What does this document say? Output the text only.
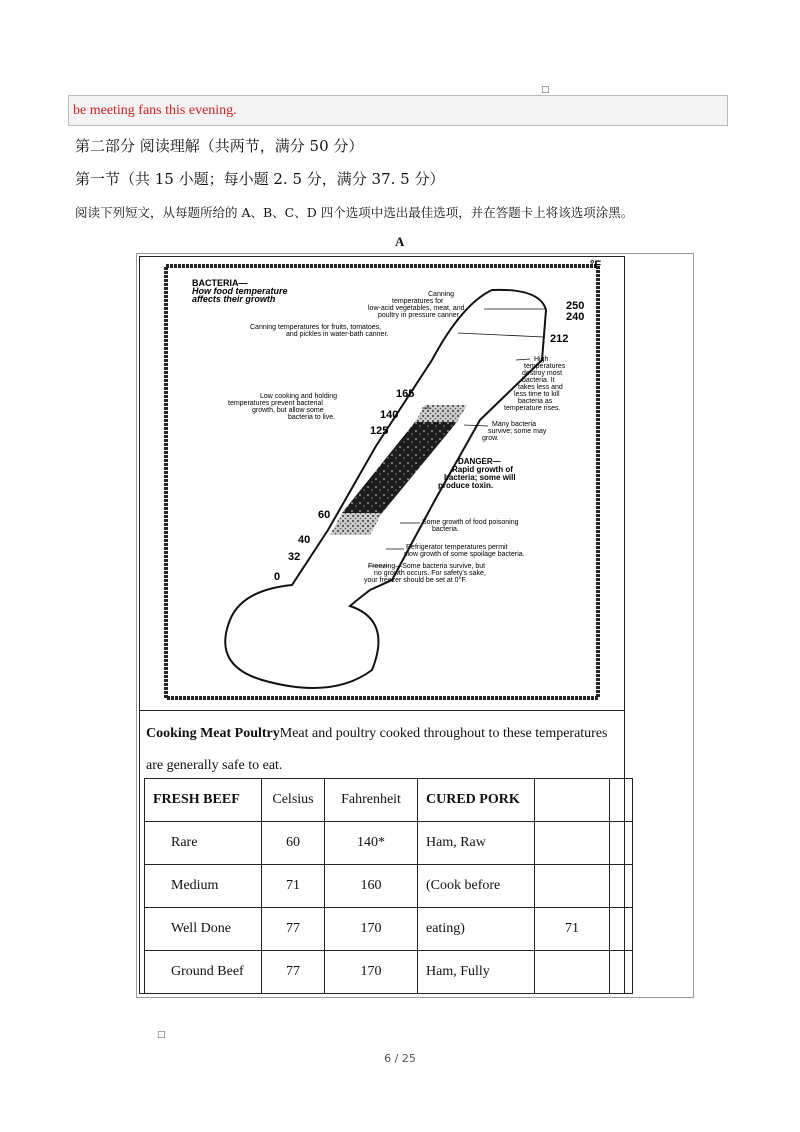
□
be meeting fans this evening.
第二部分 阅读理解（共两节，满分 50 分）
第一节（共 15 小题；每小题 2. 5 分，满分 37. 5 分）
阅读下列短文，从每题所给的 A、B、C、D 四个选项中选出最佳选项，并在答题卡上将该选项涂黑。
A
°F
250
240
212
165
140
125
60
40
32
0
BACTERIA—
How food temperature
affects their growth	Canning
temperatures for
low-acid vegetables, meat, and
poultry in pressure canner.
Canning temperatures for fruits, tomatoes,
and pickles in water-bath canner.
High
temperatures
destroy most
bacteria. It
takes less and
less time to kill
bacteria as
temperature rises.
Low cooking and holding
temperatures prevent bacterial
growth, but allow some
bacteria to live.
Many bacteria
survive; some may
grow.
DANGER—
Rapid growth of
bacteria; some will
produce toxin.
Some growth of food poisoning
bacteria.
Refrigerator temperatures permit
slow growth of some spoilage bacteria.
Freezing—Some bacteria survive, but
no growth occurs. For safety's sake,
your freezer should be set at 0°F.
Cooking Meat PoultryMeat and poultry cooked throughout to these temperatures are generally safe to eat.
FRESH BEEF	Celsius	Fahrenheit	CURED PORK		
Rare	60	140*	Ham, Raw		
Medium	71	160	(Cook before		
Well Done	77	170	eating)	71	
Ground Beef	77	170	Ham, Fully		
□
6 / 25
